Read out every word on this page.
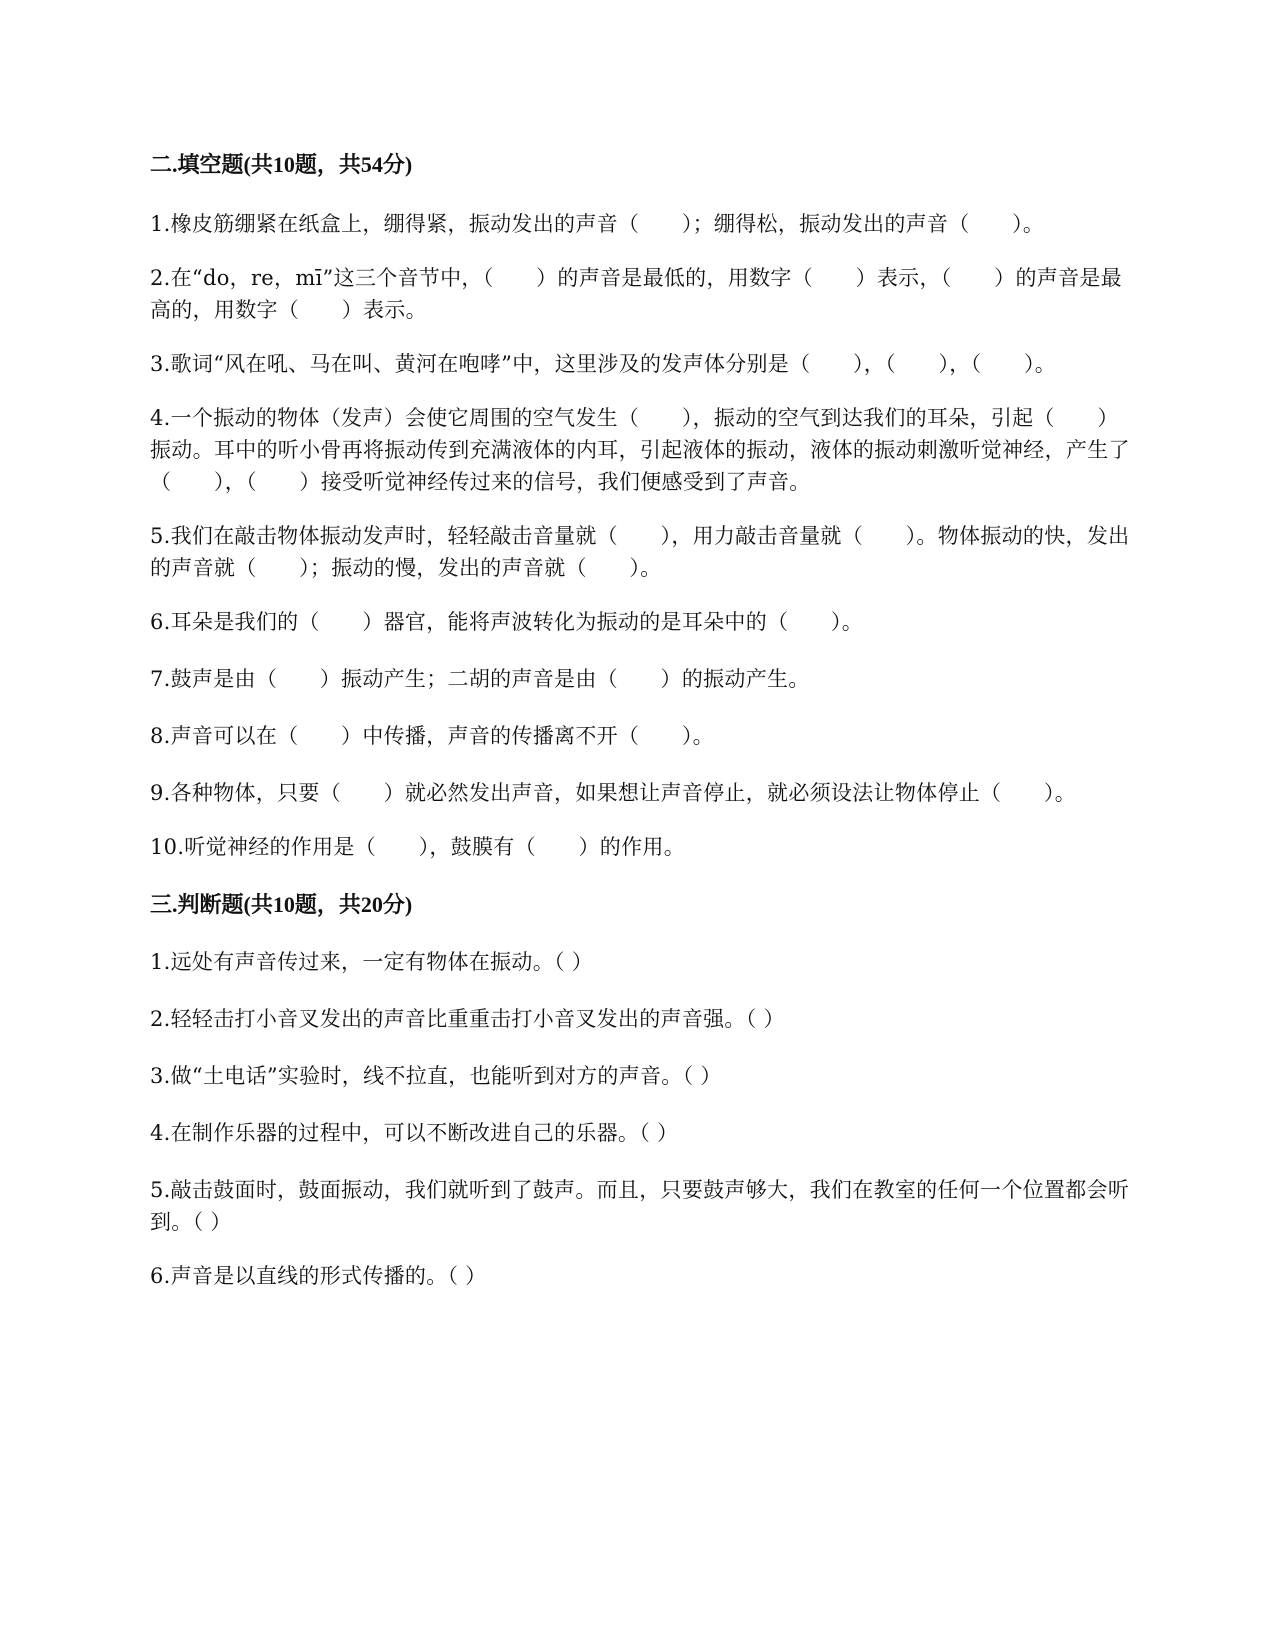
二.填空题(共10题，共54分)
1.橡皮筋绷紧在纸盒上，绷得紧，振动发出的声音（　　）；绷得松，振动发出的声音（　　）。
2.在“do，re，mī”这三个音节中，（　　）的声音是最低的，用数字（　　）表示，（　　）的声音是最高的，用数字（　　）表示。
3.歌词“风在吼、马在叫、黄河在咆哮”中，这里涉及的发声体分别是（　　），（　　），（　　）。
4.一个振动的物体（发声）会使它周围的空气发生（　　），振动的空气到达我们的耳朵，引起（　　）振动。耳中的听小骨再将振动传到充满液体的内耳，引起液体的振动，液体的振动刺激听觉神经，产生了（　　），（　　）接受听觉神经传过来的信号，我们便感受到了声音。
5.我们在敲击物体振动发声时，轻轻敲击音量就（　　），用力敲击音量就（　　）。物体振动的快，发出的声音就（　　）；振动的慢，发出的声音就（　　）。
6.耳朵是我们的（　　）器官，能将声波转化为振动的是耳朵中的（　　）。
7.鼓声是由（　　）振动产生；二胡的声音是由（　　）的振动产生。
8.声音可以在（　　）中传播，声音的传播离不开（　　）。
9.各种物体，只要（　　）就必然发出声音，如果想让声音停止，就必须设法让物体停止（　　）。
10.听觉神经的作用是（　　），鼓膜有（　　）的作用。
三.判断题(共10题，共20分)
1.远处有声音传过来，一定有物体在振动。（ ）
2.轻轻击打小音叉发出的声音比重重击打小音叉发出的声音强。（ ）
3.做“土电话”实验时，线不拉直，也能听到对方的声音。（ ）
4.在制作乐器的过程中，可以不断改进自己的乐器。（ ）
5.敲击鼓面时，鼓面振动，我们就听到了鼓声。而且，只要鼓声够大，我们在教室的任何一个位置都会听到。（ ）
6.声音是以直线的形式传播的。（ ）
